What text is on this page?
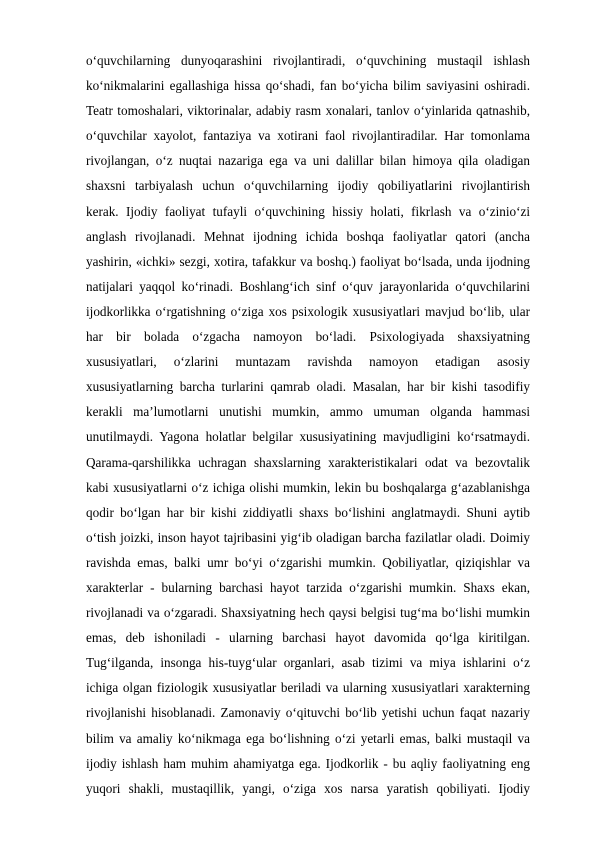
o‘quvchilarning dunyoqarashini rivojlantiradi, o‘quvchining mustaqil ishlash
ko‘nikmalarini egallashiga hissa qo‘shadi, fan bo‘yicha bilim saviyasini oshiradi.
Teatr tomoshalari, viktorinalar, adabiy rasm xonalari, tanlov o‘yinlarida qatnashib,
o‘quvchilar xayolot, fantaziya va xotirani faol rivojlantiradilar. Har tomonlama
rivojlangan, o‘z nuqtai nazariga ega va uni dalillar bilan himoya qila oladigan
shaxsni tarbiyalash uchun o‘quvchilarning ijodiy qobiliyatlarini rivojlantirish
kerak. Ijodiy faoliyat tufayli o‘quvchining hissiy holati, fikrlash va o‘zinio‘zi
anglash rivojlanadi. Mehnat ijodning ichida boshqa faoliyatlar qatori (ancha
yashirin, «ichki» sezgi, xotira, tafakkur va boshq.) faoliyat bo‘lsada, unda ijodning
natijalari yaqqol ko‘rinadi. Boshlang‘ich sinf o‘quv jarayonlarida o‘quvchilarini
ijodkorlikka o‘rgatishning o‘ziga xos psixologik xususiyatlari mavjud bo‘lib, ular
har bir bolada o‘zgacha namoyon bo‘ladi. Psixologiyada shaxsiyatning
xususiyatlari, o‘zlarini muntazam ravishda namoyon etadigan asosiy
xususiyatlarning barcha turlarini qamrab oladi. Masalan, har bir kishi tasodifiy
kerakli ma’lumotlarni unutishi mumkin, ammo umuman olganda hammasi
unutilmaydi. Yagona holatlar belgilar xususiyatining mavjudligini ko‘rsatmaydi.
Qarama-qarshilikka uchragan shaxslarning xarakteristikalari odat va bezovtalik
kabi xususiyatlarni o‘z ichiga olishi mumkin, lekin bu boshqalarga g‘azablanishga
qodir bo‘lgan har bir kishi ziddiyatli shaxs bo‘lishini anglatmaydi. Shuni aytib
o‘tish joizki, inson hayot tajribasini yig‘ib oladigan barcha fazilatlar oladi. Doimiy
ravishda emas, balki umr bo‘yi o‘zgarishi mumkin. Qobiliyatlar, qiziqishlar va
xarakterlar - bularning barchasi hayot tarzida o‘zgarishi mumkin. Shaxs ekan,
rivojlanadi va o‘zgaradi. Shaxsiyatning hech qaysi belgisi tug‘ma bo‘lishi mumkin
emas, deb ishoniladi - ularning barchasi hayot davomida qo‘lga kiritilgan.
Tug‘ilganda, insonga his-tuyg‘ular organlari, asab tizimi va miya ishlarini o‘z
ichiga olgan fiziologik xususiyatlar beriladi va ularning xususiyatlari xarakterning
rivojlanishi hisoblanadi. Zamonaviy o‘qituvchi bo‘lib yetishi uchun faqat nazariy
bilim va amaliy ko‘nikmaga ega bo‘lishning o‘zi yetarli emas, balki mustaqil va
ijodiy ishlash ham muhim ahamiyatga ega. Ijodkorlik - bu aqliy faoliyatning eng
yuqori shakli, mustaqillik, yangi, o‘ziga xos narsa yaratish qobiliyati. Ijodiy
